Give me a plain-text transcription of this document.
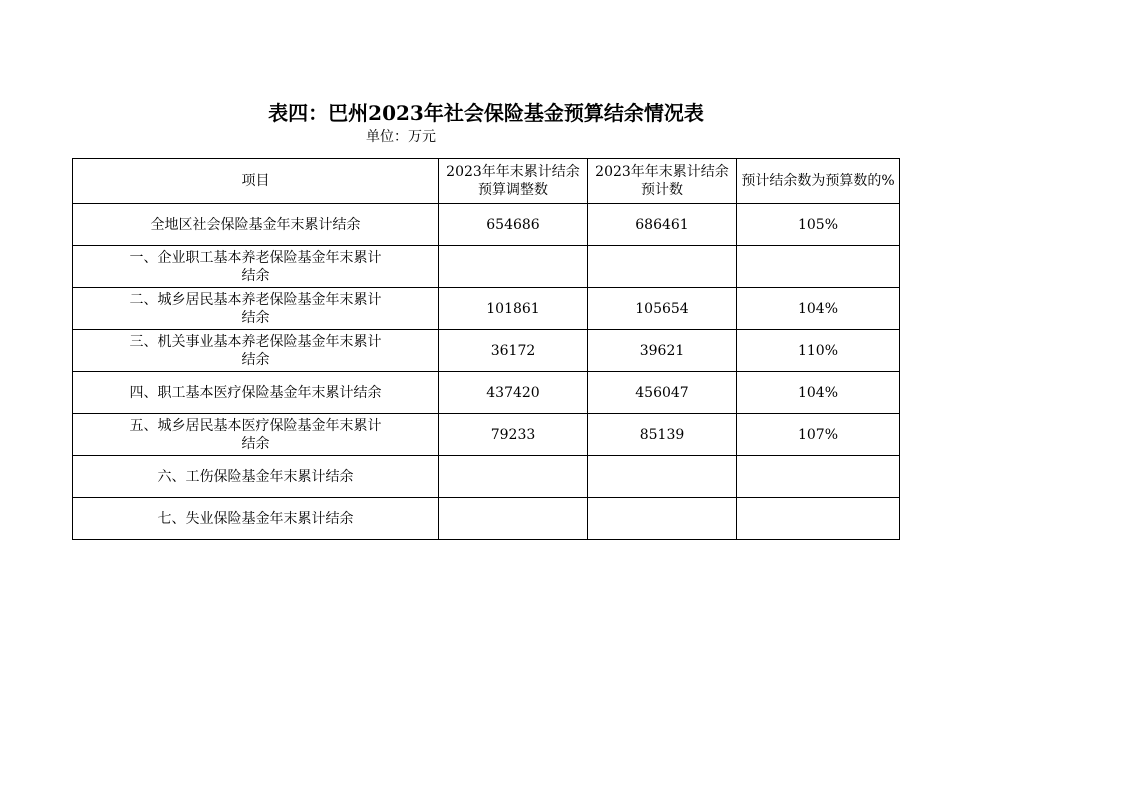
表四：巴州2023年社会保险基金预算结余情况表
单位：万元
项目	2023年年末累计结余预算调整数	2023年年末累计结余预计数	预计结余数为预算数的%
全地区社会保险基金年末累计结余	654686	686461	105%
一、企业职工基本养老保险基金年末累计结余			
二、城乡居民基本养老保险基金年末累计结余	101861	105654	104%
三、机关事业基本养老保险基金年末累计结余	36172	39621	110%
四、职工基本医疗保险基金年末累计结余	437420	456047	104%
五、城乡居民基本医疗保险基金年末累计结余	79233	85139	107%
六、工伤保险基金年末累计结余			
七、失业保险基金年末累计结余			
